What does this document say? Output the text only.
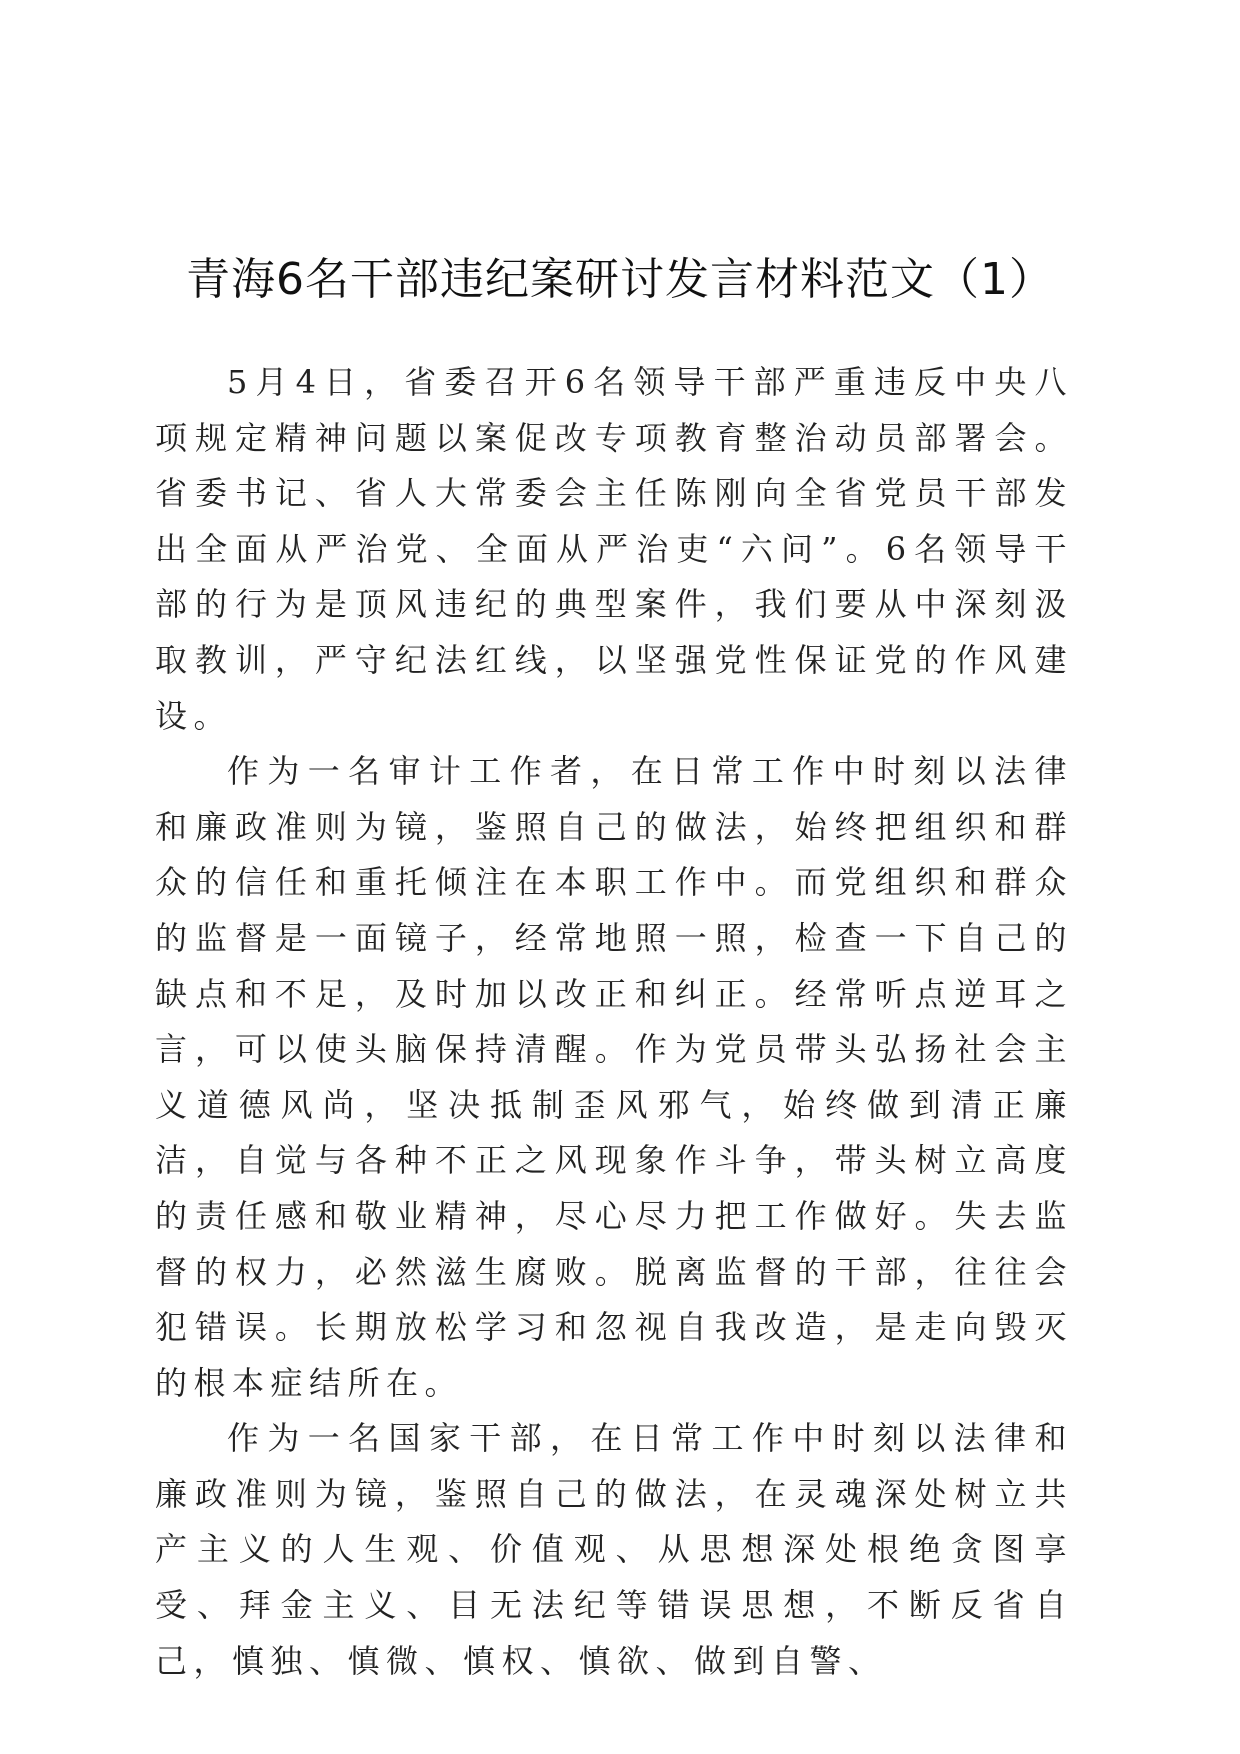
青海6名干部违纪案研讨发言材料范文（1）

5月4日，省委召开6名领导干部严重违反中央八项规定精神问题以案促改专项教育整治动员部署会。省委书记、省人大常委会主任陈刚向全省党员干部发出全面从严治党、全面从严治吏“六问”。6名领导干部的行为是顶风违纪的典型案件，我们要从中深刻汲取教训，严守纪法红线，以坚强党性保证党的作风建设。

作为一名审计工作者，在日常工作中时刻以法律和廉政准则为镜，鉴照自己的做法，始终把组织和群众的信任和重托倾注在本职工作中。而党组织和群众的监督是一面镜子，经常地照一照，检查一下自己的缺点和不足，及时加以改正和纠正。经常听点逆耳之言，可以使头脑保持清醒。作为党员带头弘扬社会主义道德风尚，坚决抵制歪风邪气，始终做到清正廉洁，自觉与各种不正之风现象作斗争，带头树立高度的责任感和敬业精神，尽心尽力把工作做好。失去监督的权力，必然滋生腐败。脱离监督的干部，往往会犯错误。长期放松学习和忽视自我改造，是走向毁灭的根本症结所在。

作为一名国家干部，在日常工作中时刻以法律和廉政准则为镜，鉴照自己的做法，在灵魂深处树立共产主义的人生观、价值观、从思想深处根绝贪图享受、拜金主义、目无法纪等错误思想，不断反省自己，慎独、慎微、慎权、慎欲、做到自警、
